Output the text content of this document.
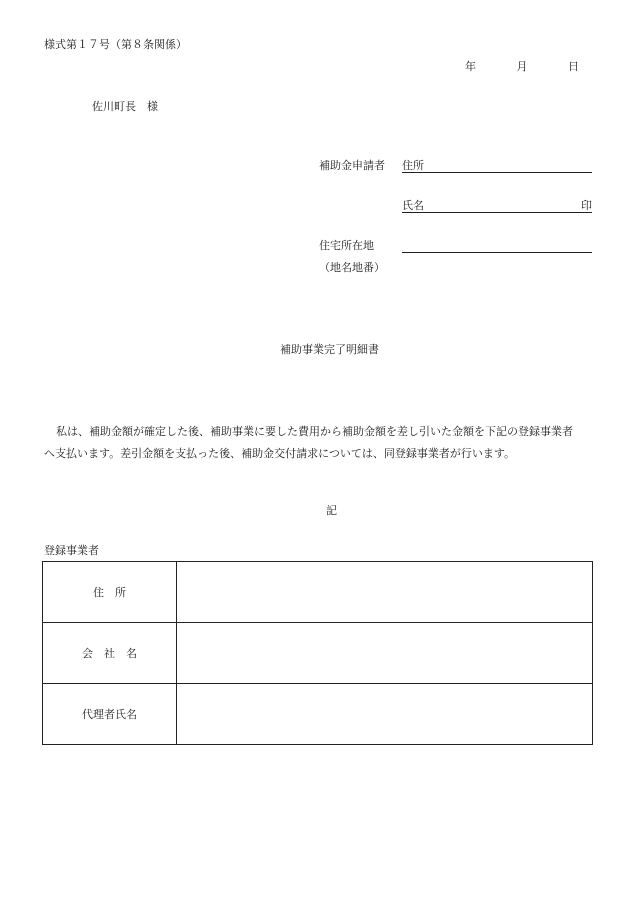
様式第１７号（第８条関係）
年	月	日
佐川町長　様
補助金申請者 住所
氏名	印
住宅所在地
（地名地番）
補助事業完了明細書
私は、補助金額が確定した後、補助事業に要した費用から補助金額を差し引いた金額を下記の登録事業者
へ支払います。差引金額を支払った後、補助金交付請求については、同登録事業者が行います。
記
登録事業者
住　所	
会　社　名	
代理者氏名	
